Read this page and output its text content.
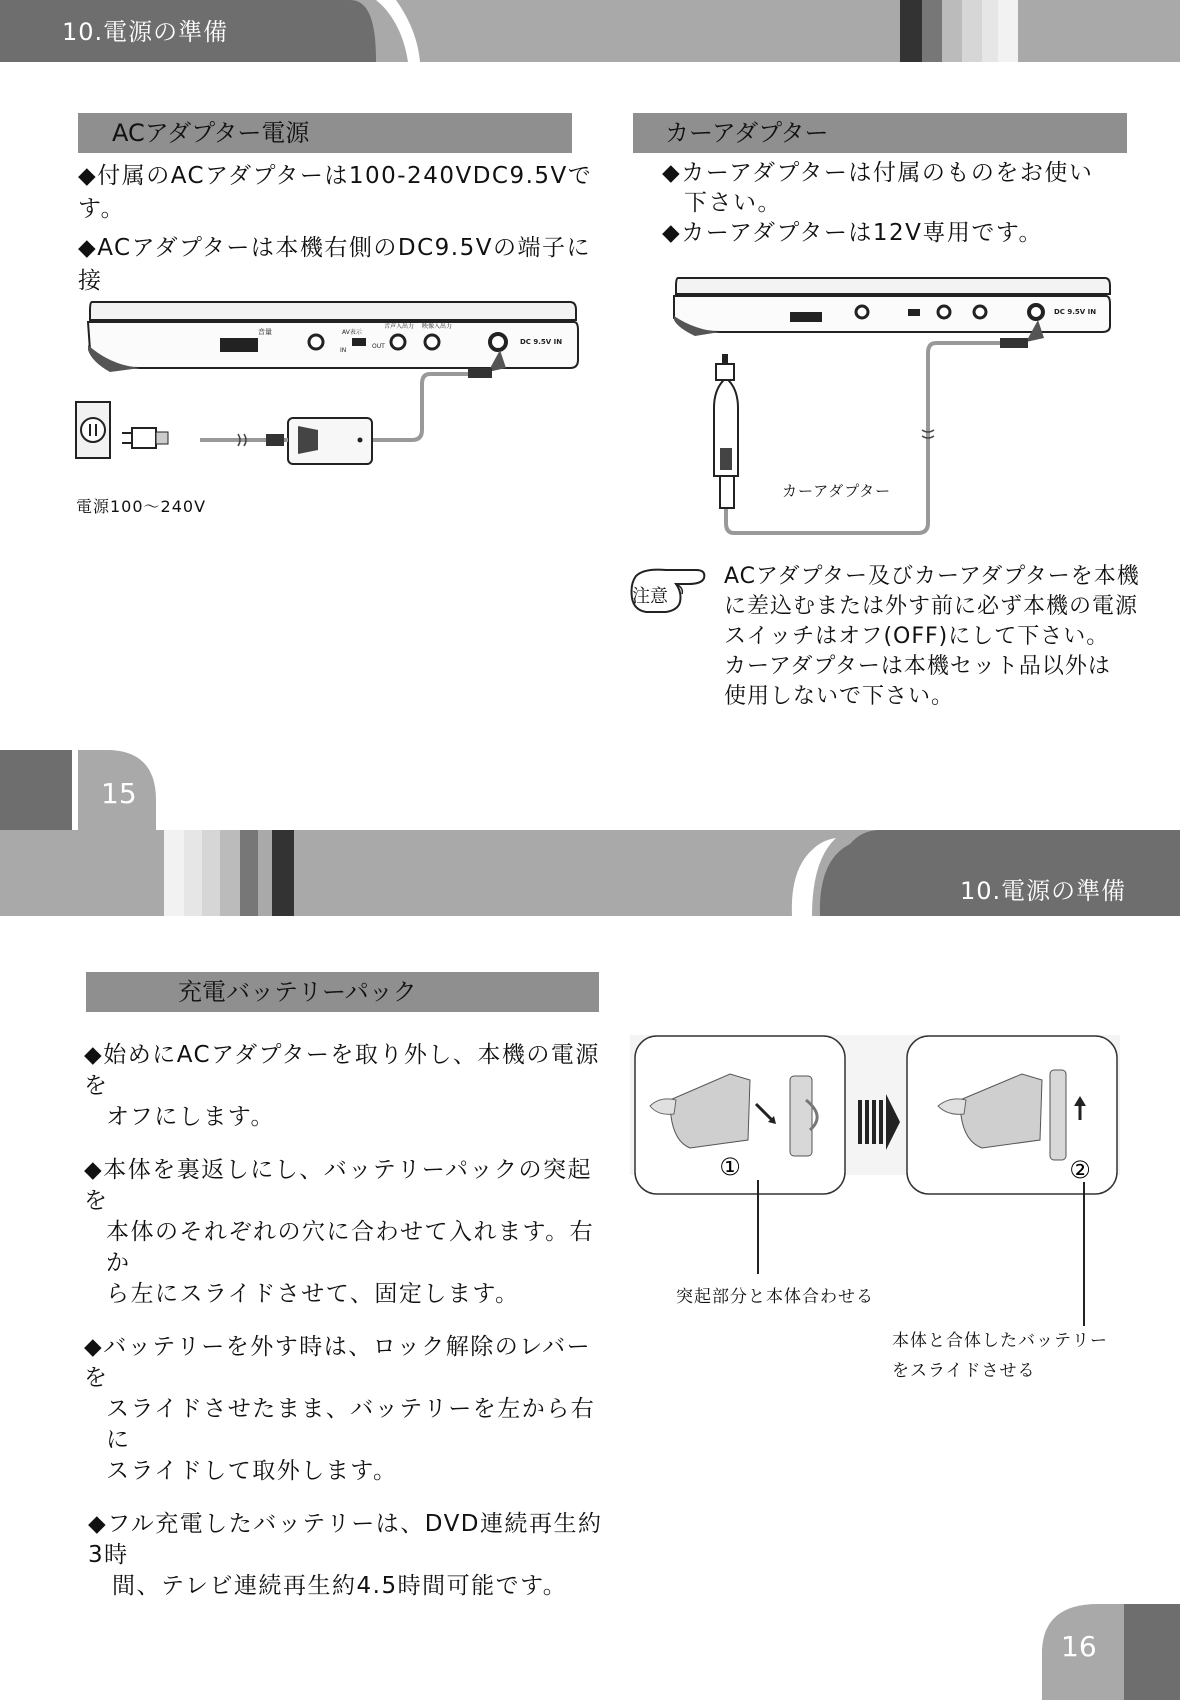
10.電源の準備
ACアダプター電源

◆付属のACアダプターは100-240VDC9.5Vです。

◆ACアダプターは本機右側のDC9.5Vの端子に接

カーアダプター

◆カーアダプターは付属のものをお使い

下さい。

◆カーアダプターは12V専用です。

音量	AV表示
IN
OUT
音声入出力 映像入出力
DC 9.5V IN
電源100～240V
DC 9.5V IN
カーアダプター
注意

ACアダプター及びカーアダプターを本機

に差込むまたは外す前に必ず本機の電源

スイッチはオフ(OFF)にして下さい。

カーアダプターは本機セット品以外は

使用しないで下さい。

15
10.電源の準備
充電バッテリーパック

◆始めにACアダプターを取り外し、本機の電源を

オフにします。

◆本体を裏返しにし、バッテリーパックの突起を

本体のそれぞれの穴に合わせて入れます。右か

ら左にスライドさせて、固定します。

◆バッテリーを外す時は、ロック解除のレバーを

スライドさせたまま、バッテリーを左から右に

スライドして取外します。

◆フル充電したバッテリーは、DVD連続再生約3時

間、テレビ連続再生約4.5時間可能です。

①	②
突起部分と本体合わせる
本体と合体したバッテリー
をスライドさせる
16
